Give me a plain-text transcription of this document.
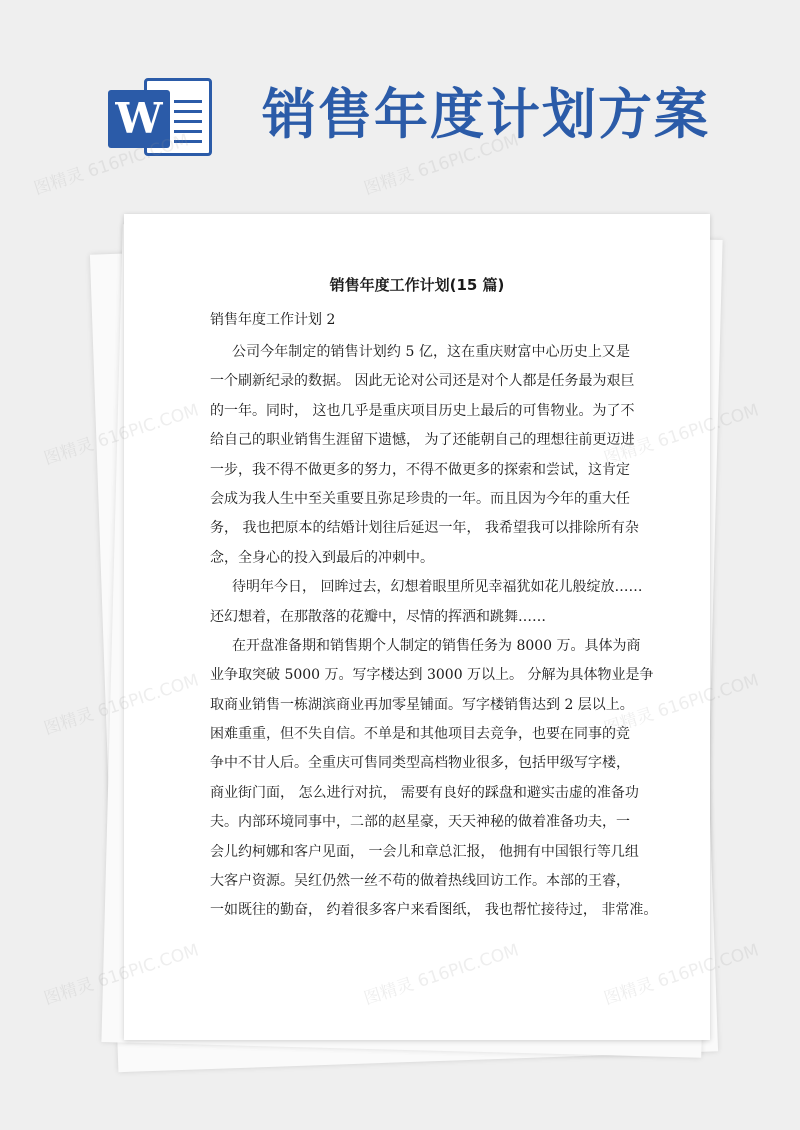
W 销售年度计划方案
销售年度工作计划(15 篇)
销售年度工作计划 2

公司今年制定的销售计划约 5 亿，这在重庆财富中心历史上又是
一个刷新纪录的数据。 因此无论对公司还是对个人都是任务最为艰巨
的一年。同时， 这也几乎是重庆项目历史上最后的可售物业。为了不
给自己的职业销售生涯留下遗憾， 为了还能朝自己的理想往前更迈进
一步，我不得不做更多的努力，不得不做更多的探索和尝试，这肯定
会成为我人生中至关重要且弥足珍贵的一年。而且因为今年的重大任
务， 我也把原本的结婚计划往后延迟一年， 我希望我可以排除所有杂
念，全身心的投入到最后的冲刺中。

待明年今日， 回眸过去，幻想着眼里所见幸福犹如花儿般绽放……
还幻想着，在那散落的花瓣中，尽情的挥洒和跳舞……

在开盘准备期和销售期个人制定的销售任务为 8000 万。具体为商
业争取突破 5000 万。写字楼达到 3000 万以上。 分解为具体物业是争
取商业销售一栋湖滨商业再加零星铺面。写字楼销售达到 2 层以上。
困难重重，但不失自信。不单是和其他项目去竞争，也要在同事的竞
争中不甘人后。全重庆可售同类型高档物业很多，包括甲级写字楼，
商业街门面， 怎么进行对抗， 需要有良好的踩盘和避实击虚的准备功
夫。内部环境同事中，二部的赵星豪，天天神秘的做着准备功夫，一
会儿约柯娜和客户见面， 一会儿和章总汇报， 他拥有中国银行等几组
大客户资源。吴红仍然一丝不苟的做着热线回访工作。本部的王睿，
一如既往的勤奋， 约着很多客户来看图纸， 我也帮忙接待过， 非常准。

图精灵 616PIC.COM	图精灵 616PIC.COM
图精灵
图精灵
图精灵
